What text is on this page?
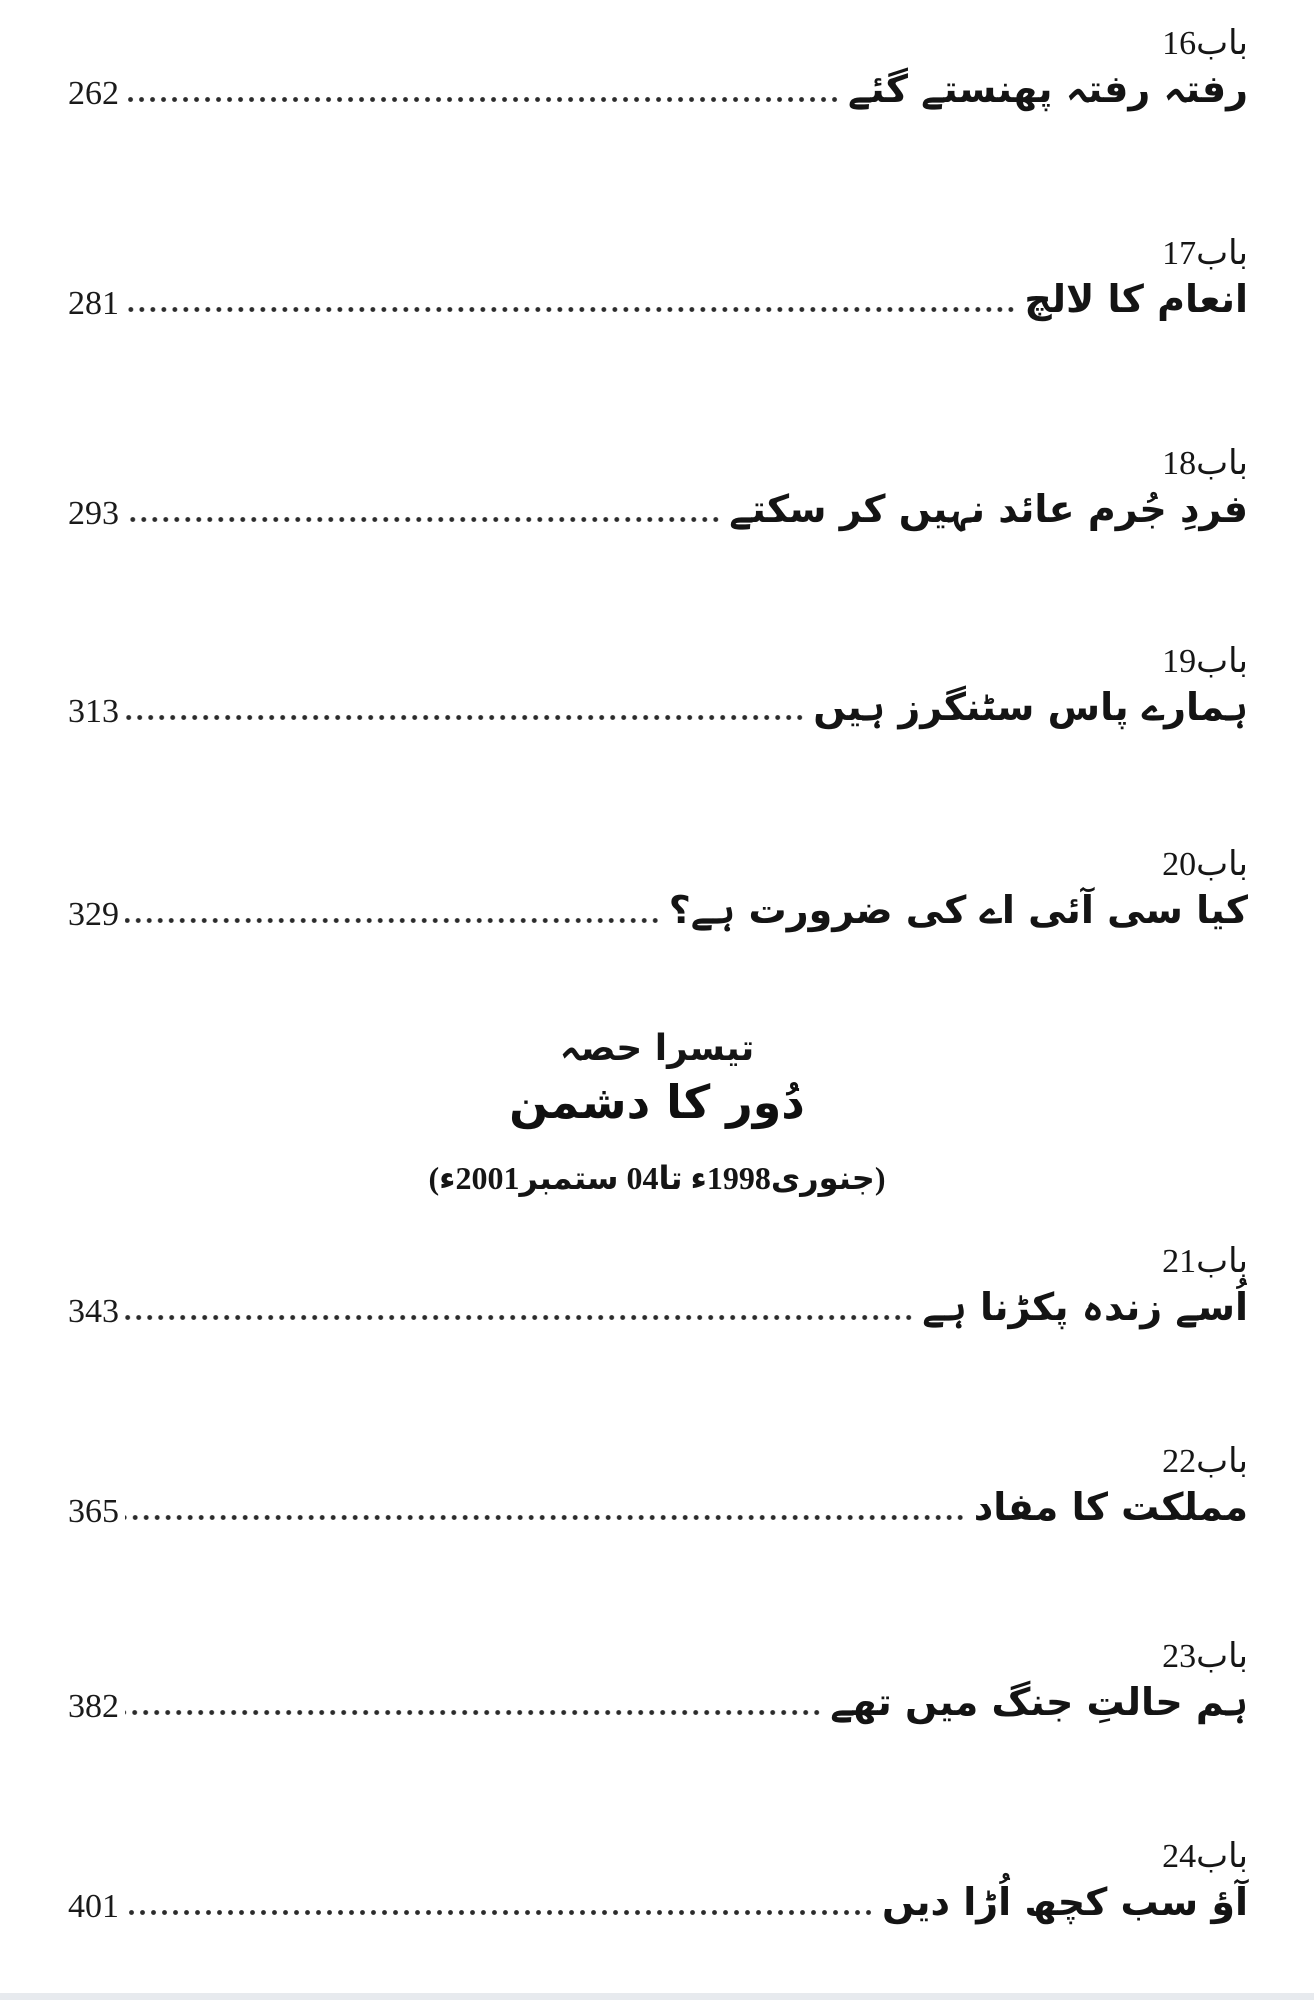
باب16
رفتہ رفتہ پھنستے گئے
262
باب17
انعام کا لالچ
281
باب18
فردِ جُرم عائد نہیں کر سکتے
293
باب19
ہمارے پاس سٹنگرز ہیں
313
باب20
کیا سی آئی اے کی ضرورت ہے؟
329
تیسرا حصہ
دُور کا دشمن
(جنوری1998ء تا04 ستمبر2001ء)
باب21
اُسے زندہ پکڑنا ہے
343
باب22
مملکت کا مفاد
365
باب23
ہم حالتِ جنگ میں تھے
382
باب24
آؤ سب کچھ اُڑا دیں
401
